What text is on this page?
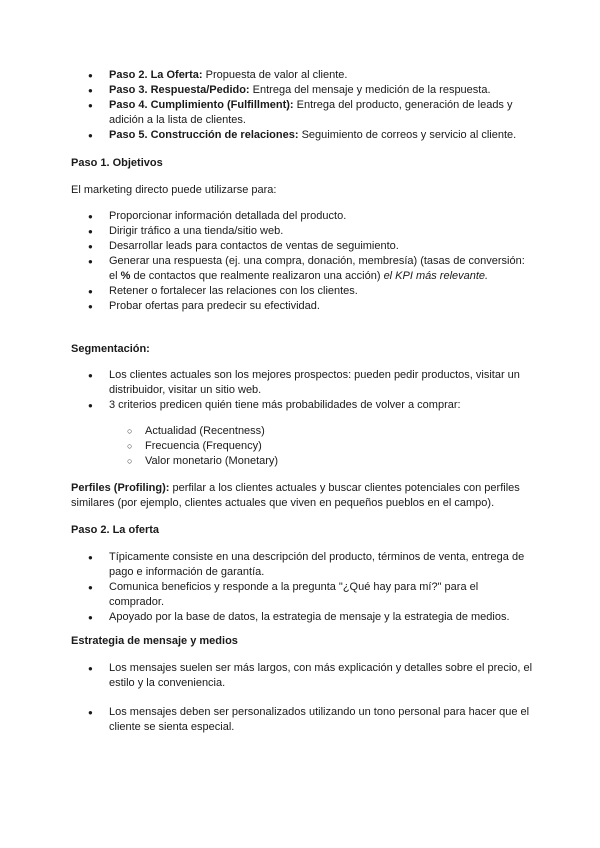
● Paso 2. La Oferta: Propuesta de valor al cliente.
● Paso 3. Respuesta/Pedido: Entrega del mensaje y medición de la respuesta.
● Paso 4. Cumplimiento (Fulfillment): Entrega del producto, generación de leads y adición a la lista de clientes.
● Paso 5. Construcción de relaciones: Seguimiento de correos y servicio al cliente.
Paso 1. Objetivos
El marketing directo puede utilizarse para:
● Proporcionar información detallada del producto.
● Dirigir tráfico a una tienda/sitio web.
● Desarrollar leads para contactos de ventas de seguimiento.
● Generar una respuesta (ej. una compra, donación, membresía) (tasas de conversión: el % de contactos que realmente realizaron una acción) el KPI más relevante.
● Retener o fortalecer las relaciones con los clientes.
● Probar ofertas para predecir su efectividad.
Segmentación:
● Los clientes actuales son los mejores prospectos: pueden pedir productos, visitar un distribuidor, visitar un sitio web.
● 3 criterios predicen quién tiene más probabilidades de volver a comprar:
○ Actualidad (Recentness)
○ Frecuencia (Frequency)
○ Valor monetario (Monetary)
Perfiles (Profiling): perfilar a los clientes actuales y buscar clientes potenciales con perfiles similares (por ejemplo, clientes actuales que viven en pequeños pueblos en el campo).
Paso 2. La oferta
● Típicamente consiste en una descripción del producto, términos de venta, entrega de pago e información de garantía.
● Comunica beneficios y responde a la pregunta "¿Qué hay para mí?" para el comprador.
● Apoyado por la base de datos, la estrategia de mensaje y la estrategia de medios.
Estrategia de mensaje y medios
● Los mensajes suelen ser más largos, con más explicación y detalles sobre el precio, el estilo y la conveniencia.
● Los mensajes deben ser personalizados utilizando un tono personal para hacer que el cliente se sienta especial.
